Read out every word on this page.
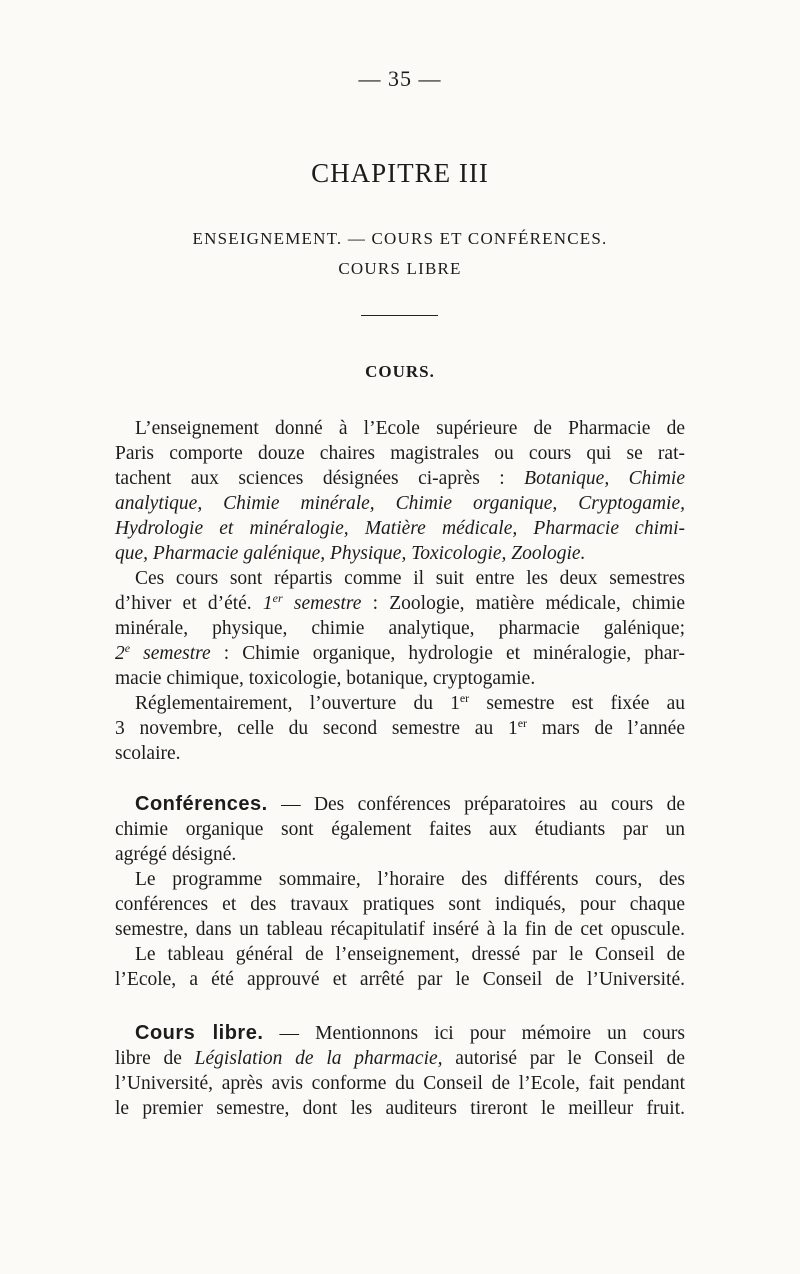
— 35 —
CHAPITRE III
ENSEIGNEMENT. — COURS ET CONFÉRENCES.
COURS LIBRE
COURS.
L’enseignement donné à l’Ecole supérieure de Pharmacie de
Paris comporte douze chaires magistrales ou cours qui se rat-
tachent aux sciences désignées ci-après : Botanique, Chimie
analytique, Chimie minérale, Chimie organique, Cryptogamie,
Hydrologie et minéralogie, Matière médicale, Pharmacie chimi-
que, Pharmacie galénique, Physique, Toxicologie, Zoologie.
Ces cours sont répartis comme il suit entre les deux semestres
d’hiver et d’été. 1er semestre : Zoologie, matière médicale, chimie
minérale, physique, chimie analytique, pharmacie galénique;
2e semestre : Chimie organique, hydrologie et minéralogie, phar-
macie chimique, toxicologie, botanique, cryptogamie.
Réglementairement, l’ouverture du 1er semestre est fixée au
3 novembre, celle du second semestre au 1er mars de l’année
scolaire.
Conférences. — Des conférences préparatoires au cours de
chimie organique sont également faites aux étudiants par un
agrégé désigné.
Le programme sommaire, l’horaire des différents cours, des
conférences et des travaux pratiques sont indiqués, pour chaque
semestre, dans un tableau récapitulatif inséré à la fin de cet opuscule.
Le tableau général de l’enseignement, dressé par le Conseil de
l’Ecole, a été approuvé et arrêté par le Conseil de l’Université.
Cours libre. — Mentionnons ici pour mémoire un cours
libre de Législation de la pharmacie, autorisé par le Conseil de
l’Université, après avis conforme du Conseil de l’Ecole, fait pendant
le premier semestre, dont les auditeurs tireront le meilleur fruit.
